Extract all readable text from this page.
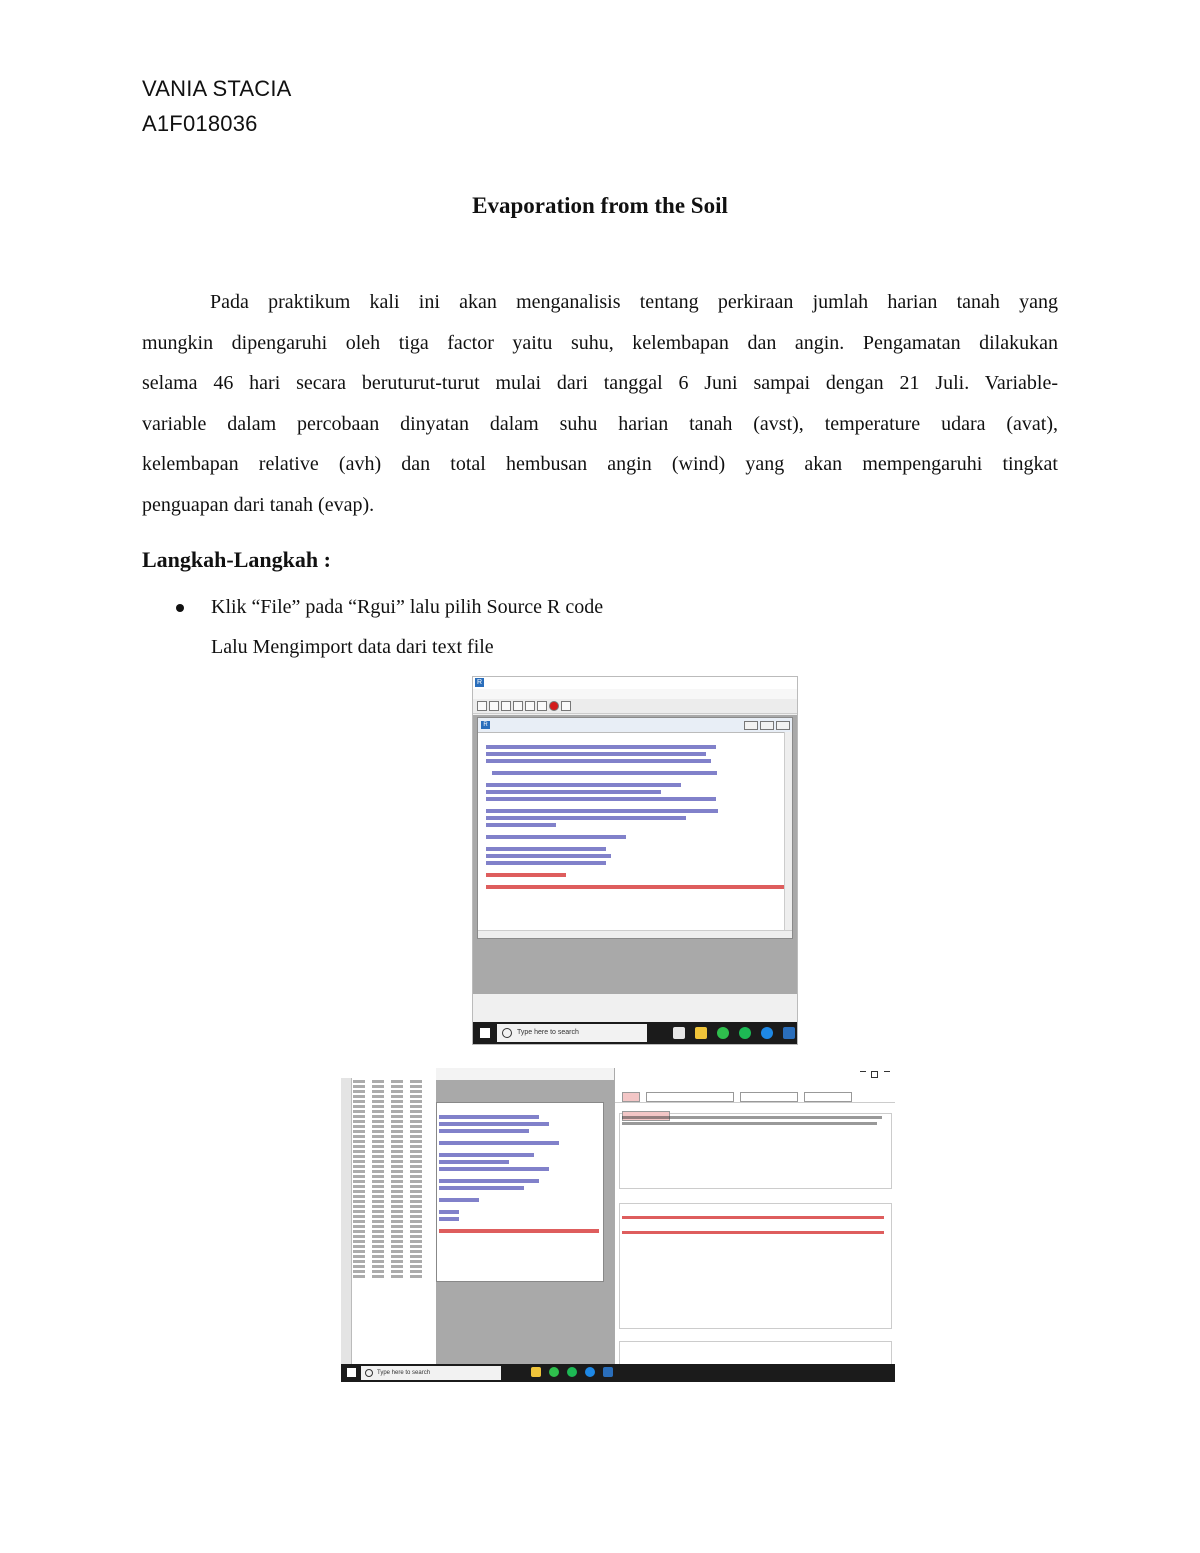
VANIA STACIA
A1F018036
Evaporation from the Soil
Pada praktikum kali ini akan menganalisis tentang perkiraan jumlah harian tanah yang
mungkin dipengaruhi oleh tiga factor yaitu suhu, kelembapan dan angin. Pengamatan dilakukan
selama 46 hari secara beruturut-turut mulai dari tanggal 6 Juni sampai dengan 21 Juli. Variable-
variable dalam percobaan dinyatan dalam suhu harian tanah (avst), temperature udara (avat),
kelembapan relative (avh) dan total hembusan angin (wind) yang akan mempengaruhi tingkat
penguapan dari tanah (evap).
Langkah-Langkah :
Klik “File” pada “Rgui” lalu pilih Source R code
Lalu Mengimport data dari text file
R
R
Type here to search

Type here to search
